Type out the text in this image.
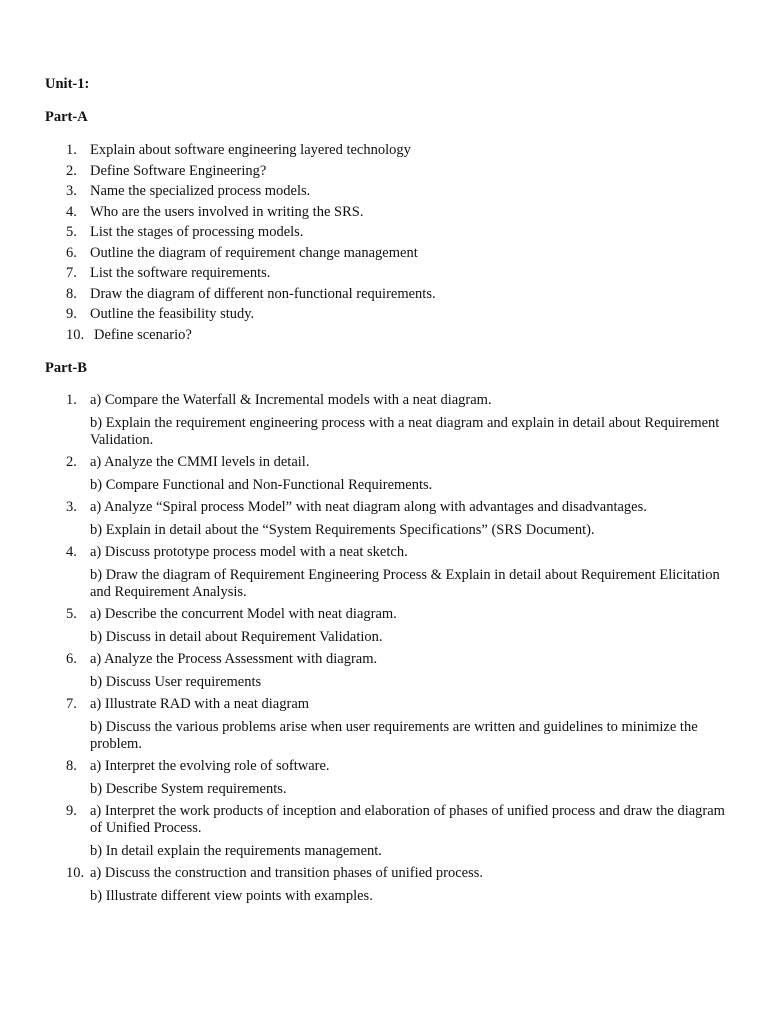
Unit-1:
Part-A
1. Explain about software engineering layered technology
2. Define Software Engineering?
3. Name the specialized process models.
4. Who are the users involved in writing the SRS.
5. List the stages of processing models.
6. Outline the diagram of requirement change management
7. List the software requirements.
8. Draw the diagram of different non-functional requirements.
9. Outline the feasibility study.
10. Define scenario?
Part-B
1. a) Compare the Waterfall & Incremental models with a neat diagram.
b) Explain the requirement engineering process with a neat diagram and explain in detail about Requirement Validation.
2. a) Analyze the CMMI levels in detail.
b) Compare Functional and Non-Functional Requirements.
3. a) Analyze “Spiral process Model” with neat diagram along with advantages and disadvantages.
b) Explain in detail about the “System Requirements Specifications” (SRS Document).
4. a) Discuss prototype process model with a neat sketch.
b) Draw the diagram of Requirement Engineering Process & Explain in detail about Requirement Elicitation and Requirement Analysis.
5. a) Describe the concurrent Model with neat diagram.
b) Discuss in detail about Requirement Validation.
6. a) Analyze the Process Assessment with diagram.
b) Discuss User requirements
7. a) Illustrate RAD with a neat diagram
b) Discuss the various problems arise when user requirements are written and guidelines to minimize the problem.
8. a) Interpret the evolving role of software.
b) Describe System requirements.
9. a) Interpret the work products of inception and elaboration of phases of unified process and draw the diagram of Unified Process.
b) In detail explain the requirements management.
10. a) Discuss the construction and transition phases of unified process.
b) Illustrate different view points with examples.
